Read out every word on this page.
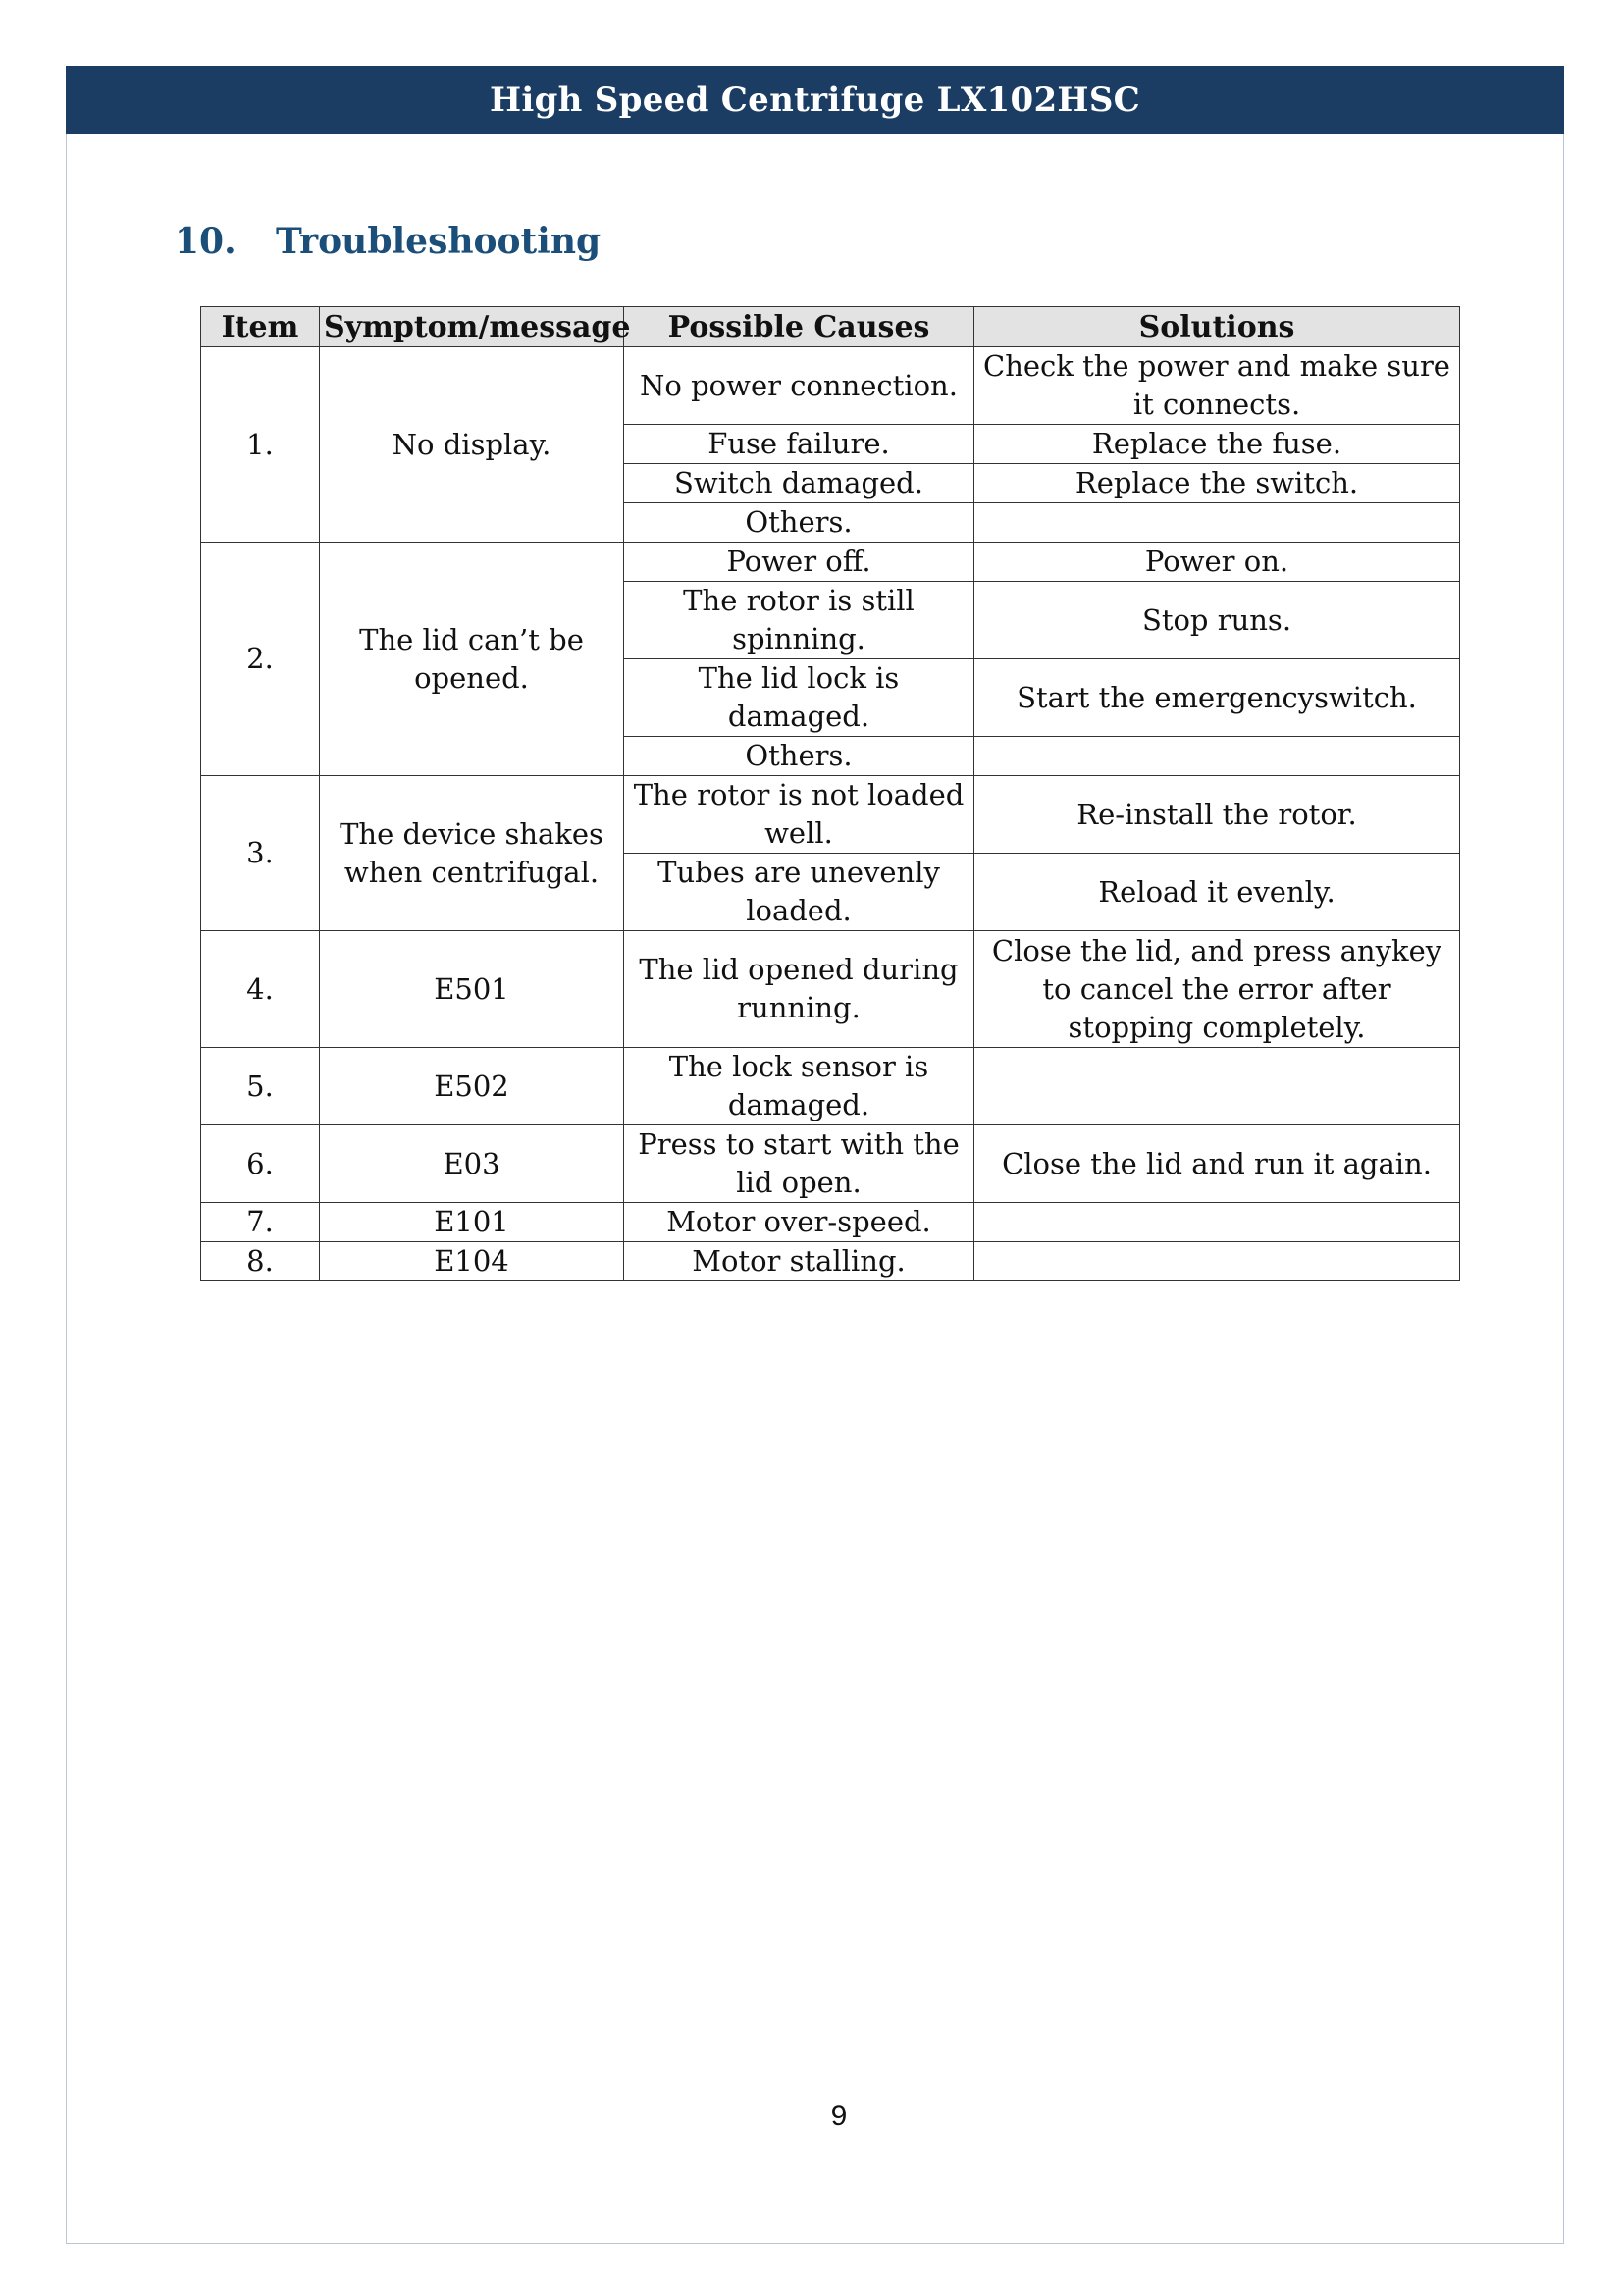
High Speed Centrifuge LX102HSC
10.	Troubleshooting
Item	Symptom/message	Possible Causes	Solutions
1.	No display.	No power connection.	Check the power and make sure it connects.
		Fuse failure.	Replace the fuse.
		Switch damaged.	Replace the switch.
		Others.	
2.	The lid can’t be opened.	Power off.	Power on.
		The rotor is still spinning.	Stop runs.
		The lid lock is damaged.	Start the emergencyswitch.
		Others.	
3.	The device shakes when centrifugal.	The rotor is not loaded well.	Re-install the rotor.
		Tubes are unevenly loaded.	Reload it evenly.
4.	E501	The lid opened during running.	Close the lid, and press anykey to cancel the error after stopping completely.
5.	E502	The lock sensor is damaged.	
6.	E03	Press to start with the lid open.	Close the lid and run it again.
7.	E101	Motor over-speed.	
8.	E104	Motor stalling.	
9
